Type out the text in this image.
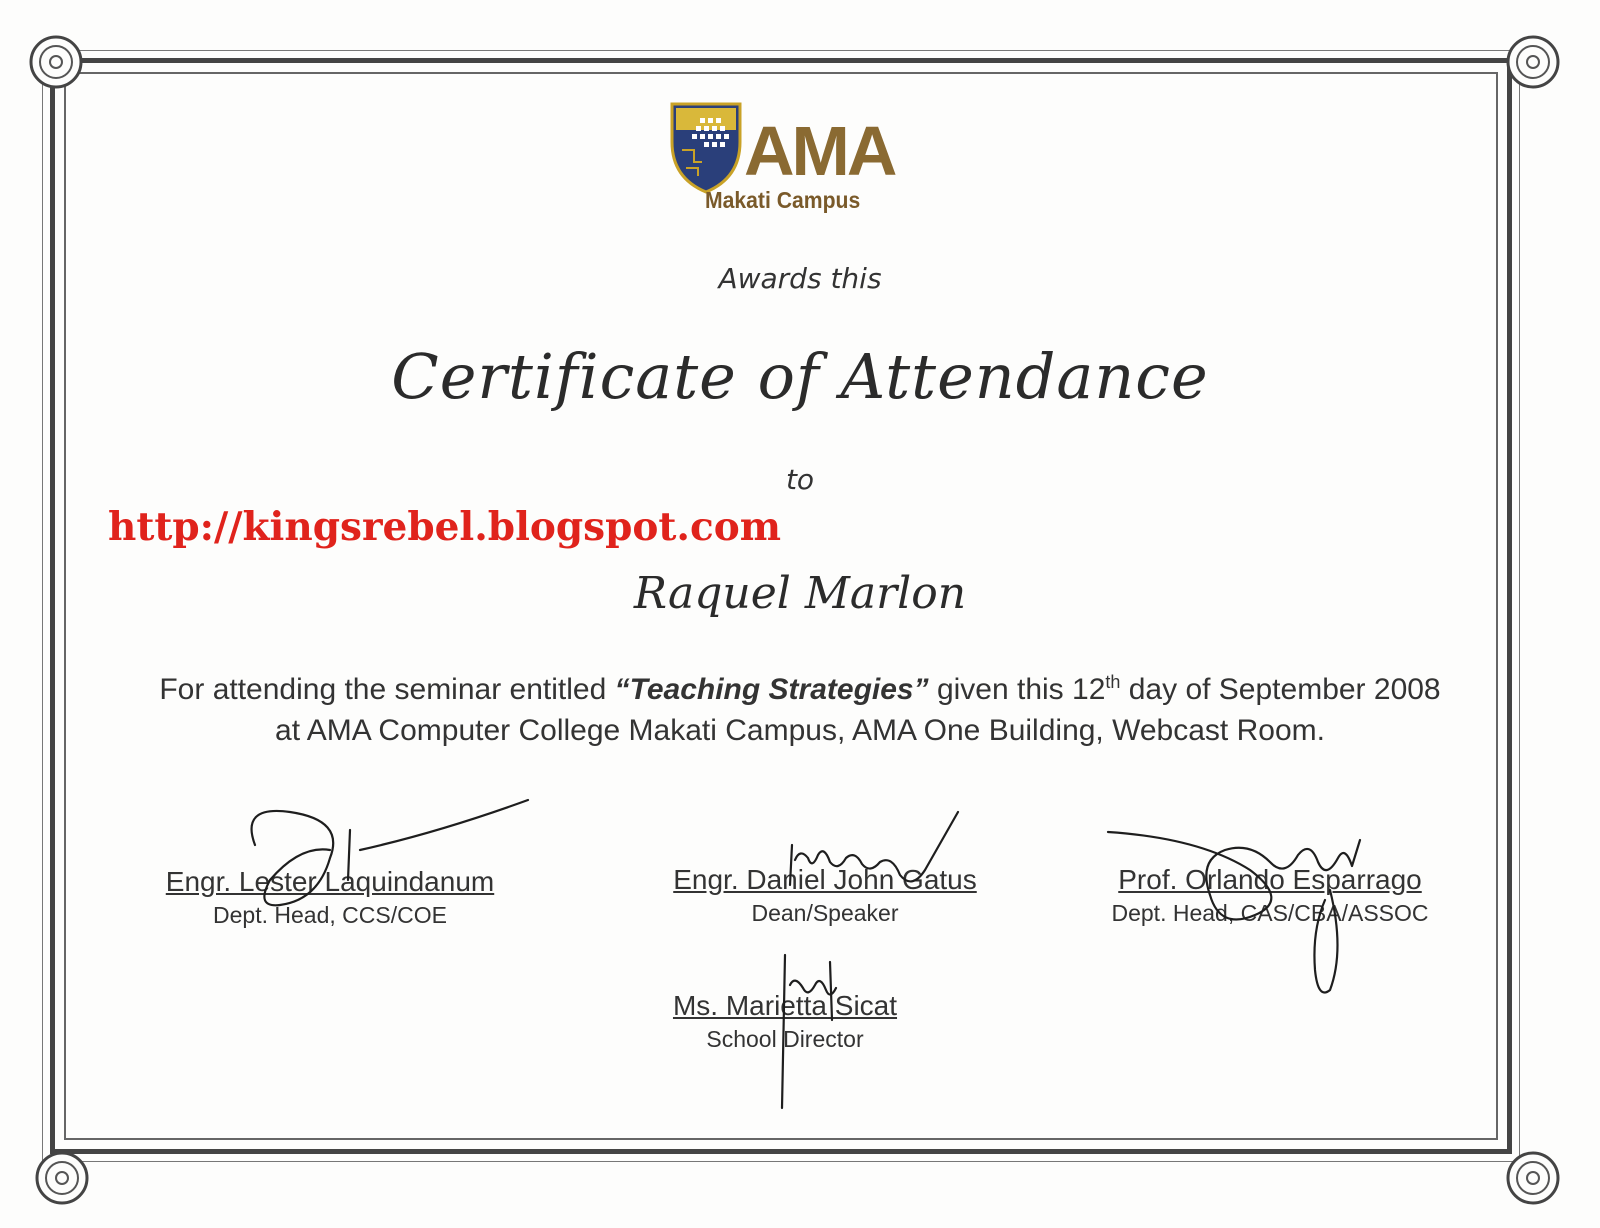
AMA
Makati Campus
Awards this
Certificate of Attendance
to
http://kingsrebel.blogspot.com
Raquel Marlon
For attending the seminar entitled “Teaching Strategies” given this 12th day of September 2008 at AMA Computer College Makati Campus, AMA One Building, Webcast Room.
Engr. Lester Laquindanum
Dept. Head, CCS/COE
Engr. Daniel John Gatus
Dean/Speaker
Prof. Orlando Esparrago
Dept. Head, CAS/CBA/ASSOC
Ms. Marietta Sicat
School Director
